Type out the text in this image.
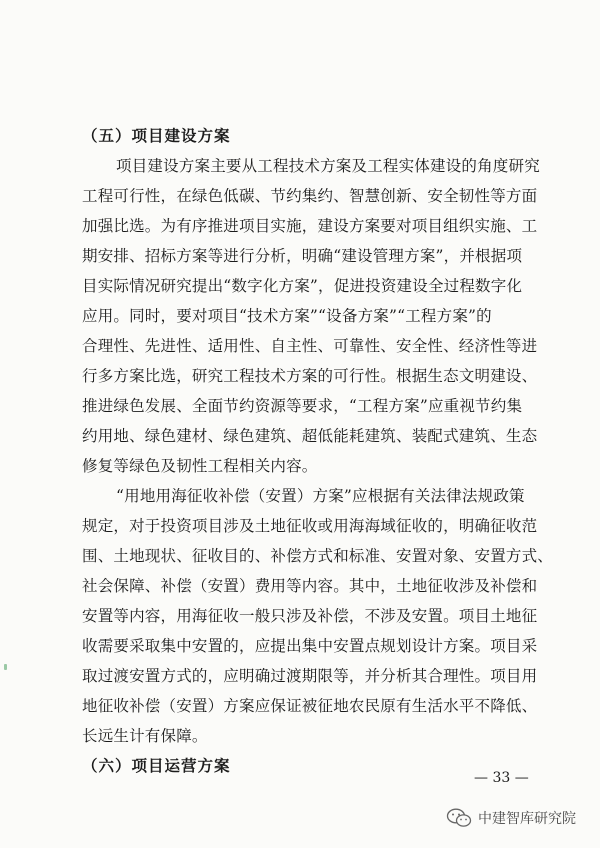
（五）项目建设方案
项目建设方案主要从工程技术方案及工程实体建设的角度研究
工程可行性，在绿色低碳、节约集约、智慧创新、安全韧性等方面
加强比选。为有序推进项目实施，建设方案要对项目组织实施、工
期安排、招标方案等进行分析，明确“建设管理方案”，并根据项
目实际情况研究提出“数字化方案”，促进投资建设全过程数字化
应用。同时，要对项目“技术方案”“设备方案”“工程方案”的
合理性、先进性、适用性、自主性、可靠性、安全性、经济性等进
行多方案比选，研究工程技术方案的可行性。根据生态文明建设、
推进绿色发展、全面节约资源等要求，“工程方案”应重视节约集
约用地、绿色建材、绿色建筑、超低能耗建筑、装配式建筑、生态
修复等绿色及韧性工程相关内容。
“用地用海征收补偿（安置）方案”应根据有关法律法规政策
规定，对于投资项目涉及土地征收或用海海域征收的，明确征收范
围、土地现状、征收目的、补偿方式和标准、安置对象、安置方式、
社会保障、补偿（安置）费用等内容。其中，土地征收涉及补偿和
安置等内容，用海征收一般只涉及补偿，不涉及安置。项目土地征
收需要采取集中安置的，应提出集中安置点规划设计方案。项目采
取过渡安置方式的，应明确过渡期限等，并分析其合理性。项目用
地征收补偿（安置）方案应保证被征地农民原有生活水平不降低、
长远生计有保障。
（六）项目运营方案
— 33 —
中建智库研究院
